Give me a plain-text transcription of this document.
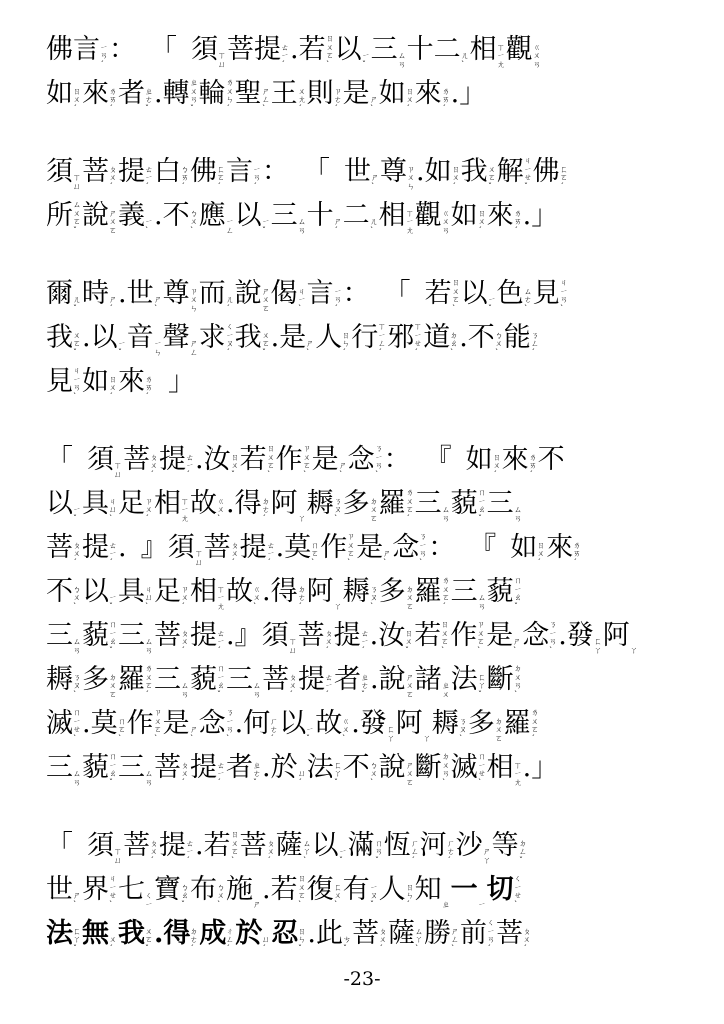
佛言 ㄧ
ㄢ
ˊ ： 「 須 ㄒ
ㄩ 菩提 ㄊ
ㄧ
ˊ .若 ㄖ
ㄨ
ㄛ
ˋ 以 ㄧ
ˇ 三 ㄙ
ㄢ 十二 ㄦ
ˋ 相 ㄒ
ㄧ
ㄤ 觀 ㄍ
ㄨ
ㄢ
如 ㄖ
ㄨ
ˊ 來 ㄌ
ㄞ
ˊ 者 ㄓ
ㄜ
ˇ .轉 ㄓ
ㄨ
ㄢ
ˇ 輪 ㄌ
ㄨ
ㄣ
ˊ 聖 ㄕ
ㄥ
ˋ 王 ㄨ
ㄤ
ˊ 則 ㄗ
ㄜ
ˊ 是 ㄕ
ˋ 如 ㄖ
ㄨ
ˊ 來 ㄌ
ㄞ
ˊ .」
須 ㄒ
ㄩ 菩 ㄆ
ㄨ
ˊ 提 ㄊ
ㄧ
ˊ 白 ㄅ
ㄞ
ˊ 佛 ㄈ
ㄛ
ˊ 言 ㄧ
ㄢ
ˊ ： 「 世 ㄕ
ˋ 尊 ㄗ
ㄨ
ㄣ .如 ㄖ
ㄨ
ˊ 我 ㄨ
ㄛ
ˇ 解 ㄐ
ㄧ
ㄝ
ˇ 佛 ㄈ
ㄛ
ˊ
所 ㄙ
ㄨ
ㄛ
ˇ 說 ㄕ
ㄨ
ㄛ 義 ㄧ
ˋ .不 ㄅ
ㄨ
ˋ 應 ㄧ
ㄥ 以 ㄧ
ˇ 三 ㄙ
ㄢ 十 ㄕ
ˊ 二 ㄦ
ˋ 相 ㄒ
ㄧ
ㄤ 觀 ㄍ
ㄨ
ㄢ 如 ㄖ
ㄨ
ˊ 來 ㄌ
ㄞ
ˊ .」
爾 ㄦ
ˇ 時 ㄕ
ˊ .世 ㄕ
ˋ 尊 ㄗ
ㄨ
ㄣ 而 ㄦ
ˊ 說 ㄕ
ㄨ
ㄛ 偈 ㄐ
ㄧ
ˋ 言 ㄧ
ㄢ
ˊ ： 「 若 ㄖ
ㄨ
ㄛ
ˋ 以 ㄧ
ˇ 色 ㄙ
ㄜ
ˋ 見 ㄐ
ㄧ
ㄢ
ˋ
我 ㄨ
ㄛ
ˇ .以 ㄧ
ˇ 音 ㄧ
ㄣ 聲 ㄕ
ㄥ 求 ㄑ
ㄧ
ㄡ
ˊ 我 ㄨ
ㄛ
ˇ .是 ㄕ
ˋ 人 ㄖ
ㄣ
ˊ 行 ㄒ
ㄧ
ㄥ
ˊ 邪 ㄒ
ㄧ
ㄝ
ˊ 道 ㄉ
ㄠ
ˋ .不 ㄅ
ㄨ
ˋ 能 ㄋ
ㄥ
ˊ
見 ㄐ
ㄧ
ㄢ
ˋ 如 ㄖ
ㄨ
ˊ 來 ㄌ
ㄞ
ˊ 」
「 須 ㄒ
ㄩ 菩 ㄆ
ㄨ
ˊ 提 ㄊ
ㄧ
ˊ .汝 ㄖ
ㄨ
ˇ 若 ㄖ
ㄨ
ㄛ
ˋ 作 ㄗ
ㄨ
ㄛ
ˋ 是 ㄕ
ˋ 念 ㄋ
ㄧ
ㄢ
ˋ ： 『 如 ㄖ
ㄨ
ˊ 來 ㄌ
ㄞ
ˊ 不
以 ㄧ
ˇ 具 ㄐ
ㄩ
ˋ 足 ㄗ
ㄨ
ˊ 相 ㄒ
ㄧ
ㄤ 故 ㄍ
ㄨ
ˋ .得 ㄉ
ㄜ
ˊ 阿 ㄚ 耨 ㄋ
ㄡ
ˋ 多 ㄉ
ㄨ
ㄛ 羅 ㄌ
ㄨ
ㄛ
ˊ 三 ㄙ
ㄢ 藐 ㄇ
ㄧ
ㄠ
ˇ 三 ㄙ
ㄢ
菩 ㄆ
ㄨ
ˊ 提 ㄊ
ㄧ
ˊ . 』須 ㄒ
ㄩ 菩 ㄆ
ㄨ
ˊ 提 ㄊ
ㄧ
ˊ .莫 ㄇ
ㄛ
ˋ 作 ㄗ
ㄨ
ㄛ
ˋ 是 ㄕ
ˋ 念 ㄋ
ㄧ
ㄢ
ˋ ： 『 如 ㄖ
ㄨ
ˊ 來 ㄌ
ㄞ
ˊ
不 ㄅ
ㄨ
ˋ 以 ㄧ
ˇ 具 ㄐ
ㄩ
ˋ 足 ㄗ
ㄨ
ˊ 相 ㄒ
ㄧ
ㄤ 故 ㄍ
ㄨ
ˋ .得 ㄉ
ㄜ
ˊ 阿 ㄚ 耨 ㄋ
ㄡ
ˋ 多 ㄉ
ㄨ
ㄛ 羅 ㄌ
ㄨ
ㄛ
ˊ 三 ㄙ
ㄢ 藐 ㄇ
ㄧ
ㄠ
ˇ
三 ㄙ
ㄢ 藐 ㄇ
ㄧ
ㄠ
ˇ 三 ㄙ
ㄢ 菩 ㄆ
ㄨ
ˊ 提 ㄊ
ㄧ
ˊ .』須 ㄒ
ㄩ 菩 ㄆ
ㄨ
ˊ 提 ㄊ
ㄧ
ˊ .汝 ㄖ
ㄨ
ˇ 若 ㄖ
ㄨ
ㄛ
ˋ 作 ㄗ
ㄨ
ㄛ
ˋ 是 ㄕ
ˋ 念 ㄋ
ㄧ
ㄢ
ˋ .發 ㄈ
ㄚ 阿 ㄚ
耨 ㄋ
ㄡ
ˋ 多 ㄉ
ㄨ
ㄛ 羅 ㄌ
ㄨ
ㄛ
ˊ 三 ㄙ
ㄢ 藐 ㄇ
ㄧ
ㄠ
ˇ 三 ㄙ
ㄢ 菩 ㄆ
ㄨ
ˊ 提 ㄊ
ㄧ
ˊ 者 ㄓ
ㄜ
ˇ .說 ㄕ
ㄨ
ㄛ 諸 ㄓ
ㄨ 法 ㄈ
ㄚ
ˇ 斷 ㄉ
ㄨ
ㄢ
ˋ
滅 ㄇ
ㄧ
ㄝ
ˋ .莫 ㄇ
ㄛ
ˋ 作 ㄗ
ㄨ
ㄛ
ˋ 是 ㄕ
ˋ 念 ㄋ
ㄧ
ㄢ
ˋ .何 ㄏ
ㄜ
ˊ 以 ㄧ
ˇ 故 ㄍ
ㄨ
ˋ .發 ㄈ
ㄚ 阿 ㄚ 耨 ㄋ
ㄡ
ˋ 多 ㄉ
ㄨ
ㄛ 羅 ㄌ
ㄨ
ㄛ
ˊ
三 ㄙ
ㄢ 藐 ㄇ
ㄧ
ㄠ
ˇ 三 ㄙ
ㄢ 菩 ㄆ
ㄨ
ˊ 提 ㄊ
ㄧ
ˊ 者 ㄓ
ㄜ
ˇ .於 ㄩ
ˊ 法 ㄈ
ㄚ
ˇ 不 ㄅ
ㄨ
ˋ 說 ㄕ
ㄨ
ㄛ 斷 ㄉ
ㄨ
ㄢ
ˋ 滅 ㄇ
ㄧ
ㄝ
ˋ 相 ㄒ
ㄧ
ㄤ .」
「 須 ㄒ
ㄩ 菩 ㄆ
ㄨ
ˊ 提 ㄊ
ㄧ
ˊ .若 ㄖ
ㄨ
ㄛ
ˋ 菩 ㄆ
ㄨ
ˊ 薩 ㄙ
ㄚ
ˋ 以 ㄧ
ˇ 滿 ㄇ
ㄢ
ˇ 恆 ㄏ
ㄥ
ˊ 河 ㄏ
ㄜ
ˊ 沙 ㄕ
ㄚ 等 ㄉ
ㄥ
ˇ
世 ㄕ
ˋ 界 ㄐ
ㄧ
ㄝ
ˋ 七 ㄑ
ㄧ 寶 ㄅ
ㄠ
ˇ 布 ㄅ
ㄨ
ˋ 施 ㄕ .若 ㄖ
ㄨ
ㄛ
ˋ 復 ㄈ
ㄨ
ˋ 有 ㄧ
ㄡ
ˇ 人 ㄖ
ㄣ
ˊ 知 ㄓ 一 ㄧ 切 ㄑ
ㄧ
ㄝ
ˋ
法 ㄈ
ㄚ
ˇ 無 ㄨ
ˊ 我 ㄨ
ㄛ
ˇ .得 ㄉ
ㄜ
ˊ 成 ㄔ
ㄥ
ˊ 於 ㄩ
ˊ 忍 ㄖ
ㄣ
ˇ .此 ㄘ
ˇ 菩 ㄆ
ㄨ
ˊ 薩 ㄙ
ㄚ
ˋ 勝 ㄕ
ㄥ
ˋ 前 ㄑ
ㄧ
ㄢ
ˊ 菩 ㄆ
ㄨ
ˊ
-23-
